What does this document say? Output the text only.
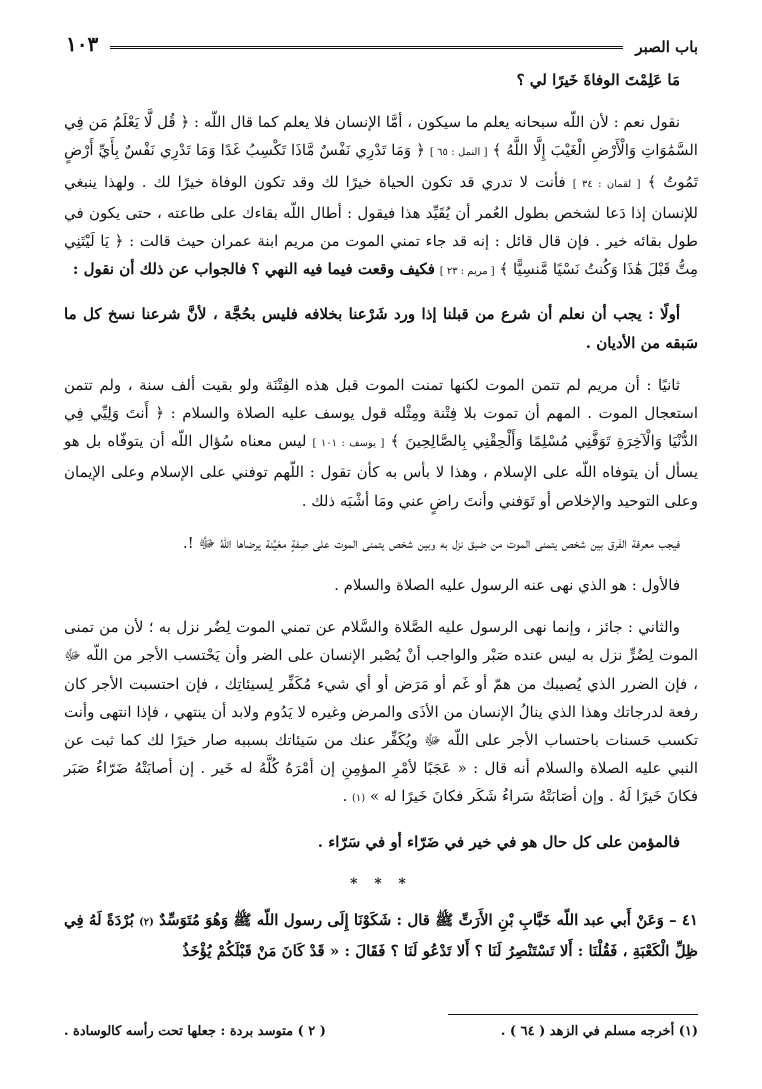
باب الصبر
١٠٣

مَا عَلِمْتَ الوفاةَ خَيرًا لي ؟

نقول نعم : لأن اللّه سبحانه يعلم ما سيكون ، أمَّا الإنسان فلا يعلم كما قال اللّه : ﴿ قُل لَّا يَعْلَمُ مَن فِي السَّمَٰوَاتِ وَالْأَرْضِ الْغَيْبَ إِلَّا اللَّهُ ﴾ [ النمل : ٦٥ ] ﴿ وَمَا تَدْرِي نَفْسٌ مَّاذَا تَكْسِبُ غَدًا وَمَا تَدْرِي نَفْسٌ بِأَيِّ أَرْضٍ تَمُوتُ ﴾ [ لقمان : ٣٤ ] فأنت لا تدري قد تكون الحياة خيرًا لك وقد تكون الوفاة خيرًا لك . ولهذا ينبغي للإنسان إذا دَعا لشخص بطول العُمر أن يُقَيِّد هذا فيقول : أطال اللّه بقاءك على طاعته ، حتى يكون في طول بقائه خير . فإن قال قائل : إنه قد جاء تمني الموت من مريم ابنة عمران حيث قالت : ﴿ يَا لَيْتَنِي مِتُّ قَبْلَ هَٰذَا وَكُنتُ نَسْيًا مَّنسِيًّا ﴾ [ مريم : ٢٣ ] فكيف وقعت فيما فيه النهي ؟ فالجواب عن ذلك أن نقول :

أولًا : يجب أن نعلم أن شرع من قبلنا إذا ورد شَرْعنا بخلافه فليس بحُجَّة ، لأنَّ شرعنا نسخ كل ما سَبقه من الأديان .

ثانيًا : أن مريم لم تتمن الموت لكنها تمنت الموت قبل هذه الفِتْنَة ولو بقيت ألف سنة ، ولم تتمن استعجال الموت . المهم أن تموت بلا فِتْنة ومِثْله قول يوسف عليه الصلاة والسلام : ﴿ أَنتَ وَلِيِّي فِي الدُّنْيَا وَالْآخِرَةِ تَوَفَّنِي مُسْلِمًا وَأَلْحِقْنِي بِالصَّالِحِينَ ﴾ [ يوسف : ١٠١ ] ليس معناه سُؤال اللّه أن يتوفّاه بل هو يسأل أن يتوفاه اللّه على الإسلام ، وهذا لا بأس به كأن تقول : اللّهم توفني على الإسلام وعلى الإيمان وعلى التوحيد والإخلاص أو تَوَفني وأنتَ راضٍ عني ومَا أشْبَه ذلك .

فيجب معرفة الفَرق بين شخص يتمنى الموت من ضيق نزل به وبين شخص يتمنى الموت على صِفةٍ معَيَّنة يرضاها اللّهُ ﷻ !.

فالأول : هو الذي نهى عنه الرسول عليه الصلاة والسلام .

والثاني : جائز ، وإنما نهى الرسول عليه الصَّلاة والسَّلام عن تمني الموت لِضُر نزل به ؛ لأن من تمنى الموت لِضُرٍّ نزل به ليس عنده صَبْر والواجب أنْ يُصْبر الإنسان على الضر وأن يَحْتسب الأجر من اللّه ﷻ ، فإن الضرر الذي يُصيبك من همّ أو غَم أو مَرَض أو أي شيء مُكَفِّر لِسيئاتِك ، فإن احتسبت الأجر كان رفعة لدرجاتك وهذا الذي ينالُ الإنسان من الأذَى والمرض وغيره لا يَدُوم ولابد أن ينتهي ، فإذا انتهى وأنت تكسب حَسنات باحتساب الأجر على اللّه ﷻ ويُكَفِّر عنك من سَيئاتك بسببه صار خيرًا لك كما ثبت عن النبي عليه الصلاة والسلام أنه قال : « عَجَبًا لأمْرِ المؤمِنِ إن أمْرَهُ كُلَّهُ له خَير . إن أصابَتْهُ ضَرّاءُ صَبَر فكانَ خَيرًا لَهُ . وإن أصَابَتْهُ سَراءُ شَكَر فكانَ خَيرًا له » (١) .

فالمؤمن على كل حال هو في خير في ضَرّاء أو في سَرّاء .

* * *

٤١ – وَعَنْ أَبي عبد اللّه خَبَّابِ بْنِ الأَرَتِّ ﷺ قال : شَكَوْنَا إِلَى رسول اللّه ﷺ وَهُوَ مُتَوَسِّدٌ (٢) بُرْدَةً لَهُ فِي ظِلِّ الْكَعْبَةِ ، فَقُلْنَا : أَلا تَسْتَنْصِرُ لَنَا ؟ أَلا تَدْعُو لَنَا ؟ فَقَالَ : « قَدْ كَانَ مَنْ قَبْلَكُمْ يُؤْخَذُ

(١) أخرجه مسلم في الزهد ( ٦٤ ) .
( ٢ ) متوسد بردة : جعلها تحت رأسه كالوسادة .
